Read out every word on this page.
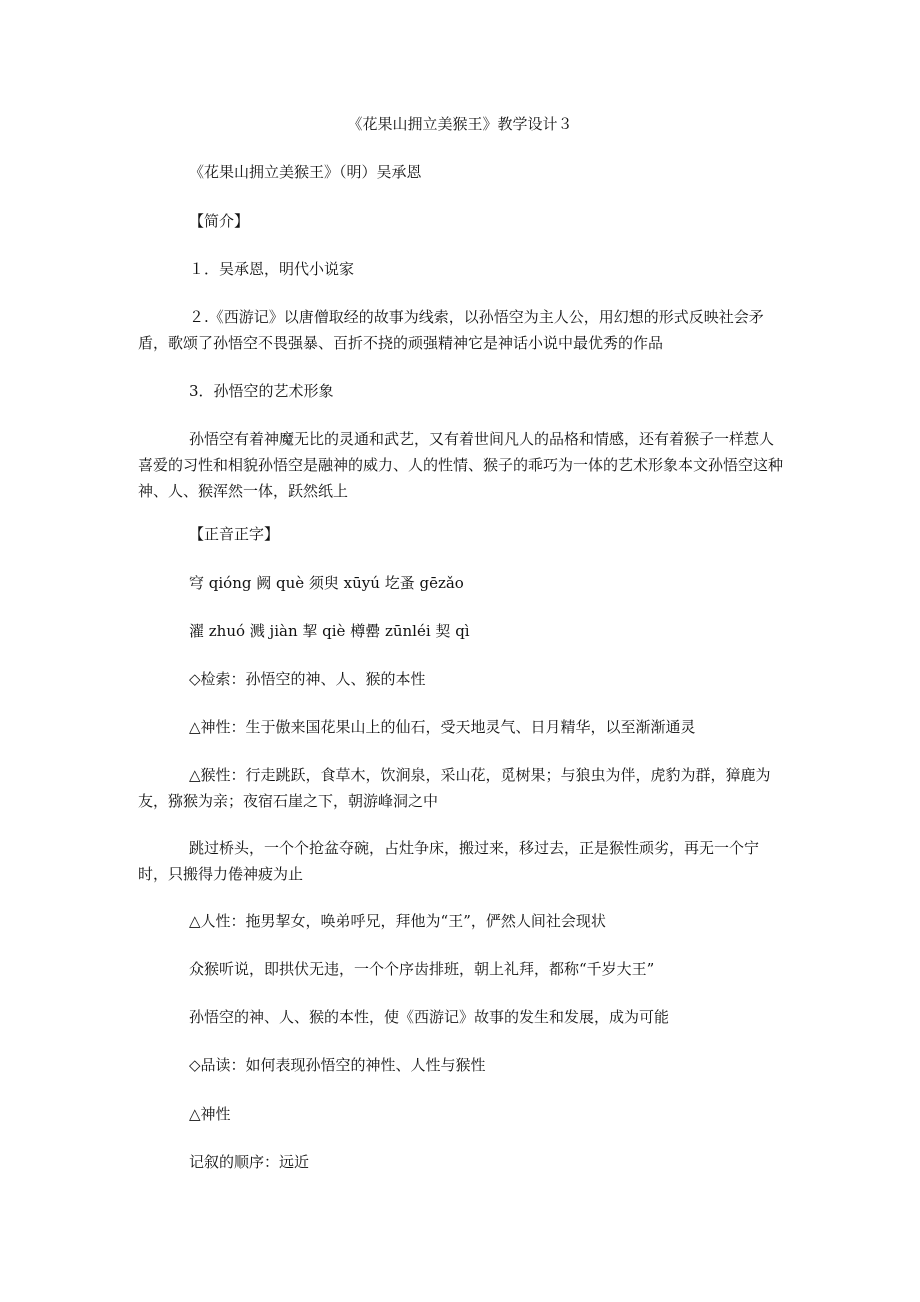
《花果山拥立美猴王》教学设计３
《花果山拥立美猴王》（明）吴承恩
【简介】
１．吴承恩，明代小说家
２.《西游记》以唐僧取经的故事为线索，以孙悟空为主人公，用幻想的形式反映社会矛盾，歌颂了孙悟空不畏强暴、百折不挠的顽强精神它是神话小说中最优秀的作品
3．孙悟空的艺术形象
孙悟空有着神魔无比的灵通和武艺，又有着世间凡人的品格和情感，还有着猴子一样惹人喜爱的习性和相貌孙悟空是融神的威力、人的性情、猴子的乖巧为一体的艺术形象本文孙悟空这种神、人、猴浑然一体，跃然纸上
【正音正字】
穹 qióng 阙 què 须臾 xūyú 圪蚤 gēzǎo
濯 zhuó 溅 jiàn 挈 qiè 樽罍 zūnléi 契 qì
◇检索：孙悟空的神、人、猴的本性
△神性：生于傲来国花果山上的仙石，受天地灵气、日月精华，以至渐渐通灵
△猴性：行走跳跃，食草木，饮涧泉，采山花，觅树果；与狼虫为伴，虎豹为群，獐鹿为友，猕猴为亲；夜宿石崖之下，朝游峰洞之中
跳过桥头，一个个抢盆夺碗，占灶争床，搬过来，移过去，正是猴性顽劣，再无一个宁时，只搬得力倦神疲为止
△人性：拖男挈女，唤弟呼兄，拜他为“王”，俨然人间社会现状
众猴听说，即拱伏无违，一个个序齿排班，朝上礼拜，都称“千岁大王”
孙悟空的神、人、猴的本性，使《西游记》故事的发生和发展，成为可能
◇品读：如何表现孙悟空的神性、人性与猴性
△神性
记叙的顺序：远近
